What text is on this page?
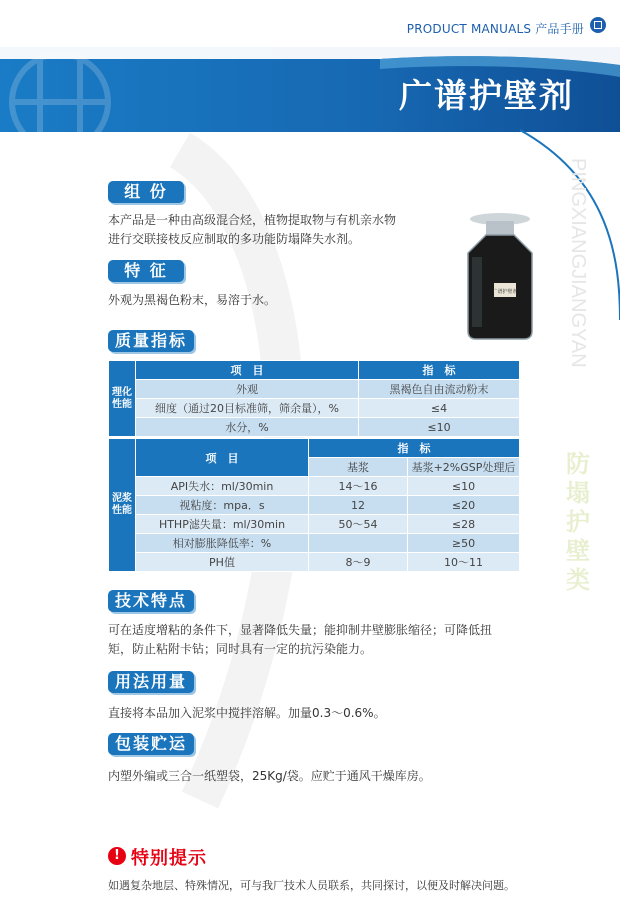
PRODUCT MANUALS 产品手册
广谱护壁剂
PINGXIANGJIANGYAN
防
塌
护
壁
类
组 份
本产品是一种由高级混合烃，植物提取物与有机亲水物
进行交联接枝反应制取的多功能防塌降失水剂。
广谱护壁剂
特 征
外观为黑褐色粉末，易溶于水。
质量指标
理化性能	项　目	指　标
	外观	黑褐色自由流动粉末
	细度（通过20目标准筛，筛余量），%	≤4
	水分，%	≤10
泥浆性能	项　目	指　标	
		基浆	基浆+2%GSP处理后
	API失水：ml/30min	14～16	≤10
	视粘度：mpa．s	12	≤20
	HTHP滤失量：ml/30min	50～54	≤28
	相对膨胀降低率：%		≥50
	PH值	8～9	10～11
技术特点
可在适度增粘的条件下，显著降低失量；能抑制井壁膨胀缩径；可降低扭
矩，防止粘附卡钻；同时具有一定的抗污染能力。
用法用量
直接将本品加入泥浆中搅拌溶解。加量0.3～0.6%。
包装贮运
内塑外编或三合一纸塑袋，25Kg/袋。应贮于通风干燥库房。
! 特别提示
如遇复杂地层、特殊情况，可与我厂技术人员联系，共同探讨，以便及时解决问题。
